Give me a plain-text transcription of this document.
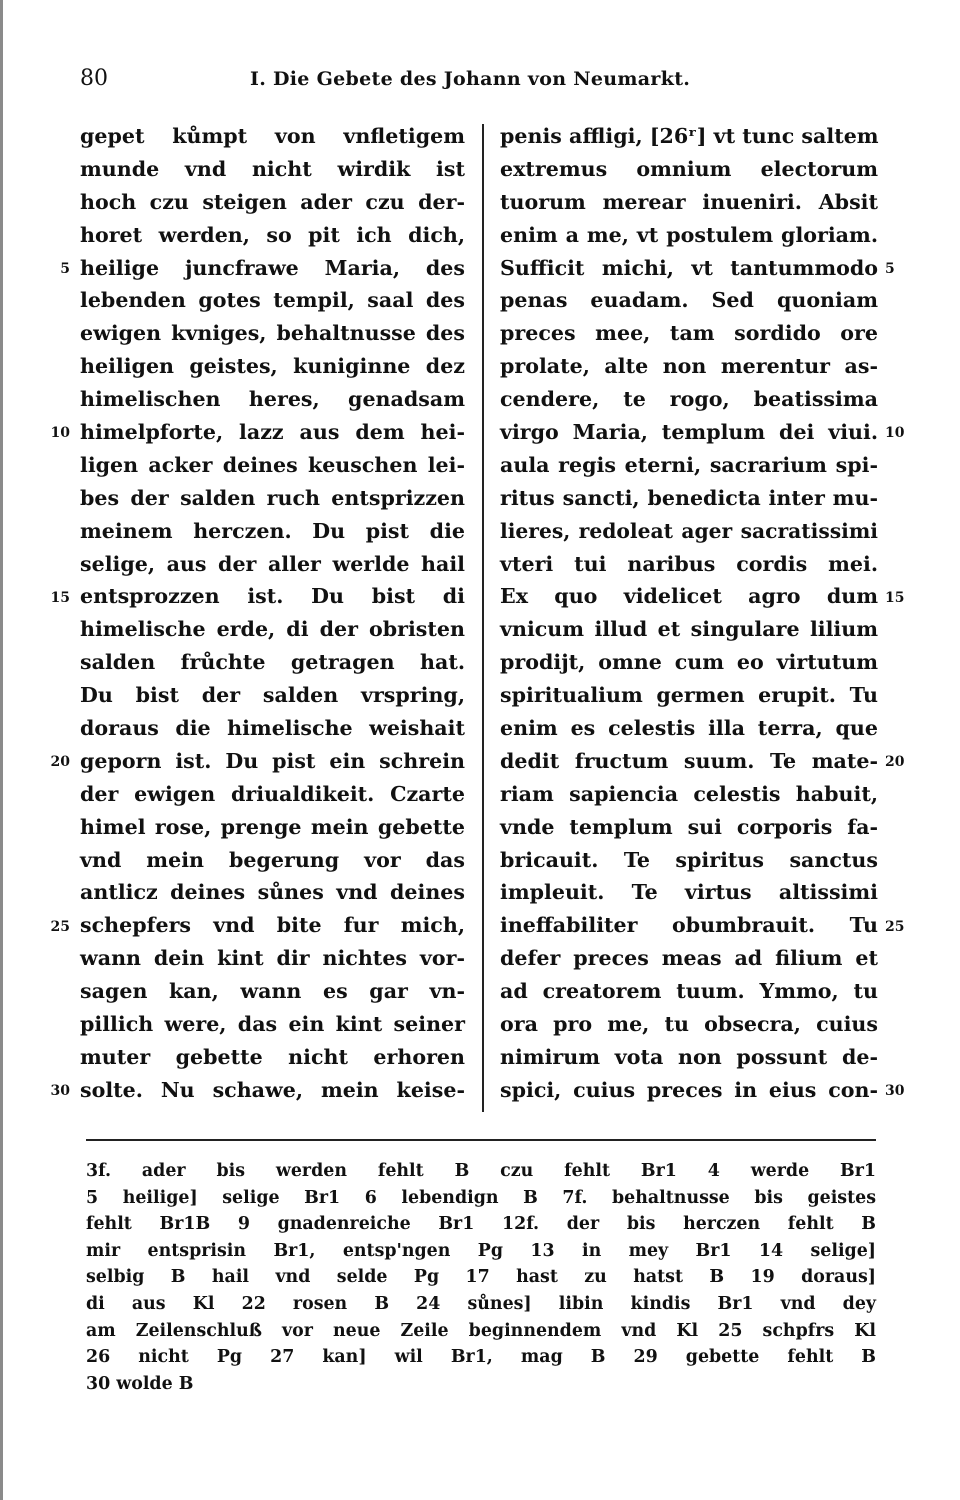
80	I. Die Gebete des Johann von Neumarkt.
gepet kůmpt von vnfletigem
munde vnd nicht wirdik ist
hoch czu steigen ader czu der-
horet werden, so pit ich dich,
heilige juncfrawe Maria, des
lebenden gotes tempil, saal des
ewigen kvniges, behaltnusse des
heiligen geistes, kuniginne dez
himelischen heres, genadsam
himelpforte, lazz aus dem hei-
ligen acker deines keuschen lei-
bes der salden ruch entsprizzen
meinem herczen. Du pist die
selige, aus der aller werlde hail
entsprozzen ist. Du bist di
himelische erde, di der obristen
salden frůchte getragen hat.
Du bist der salden vrspring,
doraus die himelische weishait
geporn ist. Du pist ein schrein
der ewigen driualdikeit. Czarte
himel rose, prenge mein gebette
vnd mein begerung vor das
antlicz deines sůnes vnd deines
schepfers vnd bite fur mich,
wann dein kint dir nichtes vor-
sagen kan, wann es gar vn-
pillich were, das ein kint seiner
muter gebette nicht erhoren
solte. Nu schawe, mein keise-
penis affligi, [26ʳ] vt tunc saltem
extremus omnium electorum
tuorum merear inueniri. Absit
enim a me, vt postulem gloriam.
Sufficit michi, vt tantummodo
penas euadam. Sed quoniam
preces mee, tam sordido ore
prolate, alte non merentur as-
cendere, te rogo, beatissima
virgo Maria, templum dei viui.
aula regis eterni, sacrarium spi-
ritus sancti, benedicta inter mu-
lieres, redoleat ager sacratissimi
vteri tui naribus cordis mei.
Ex quo videlicet agro dum
vnicum illud et singulare lilium
prodijt, omne cum eo virtutum
spiritualium germen erupit. Tu
enim es celestis illa terra, que
dedit fructum suum. Te mate-
riam sapiencia celestis habuit,
vnde templum sui corporis fa-
bricauit. Te spiritus sanctus
impleuit. Te virtus altissimi
ineffabiliter obumbrauit. Tu
defer preces meas ad filium et
ad creatorem tuum. Ymmo, tu
ora pro me, tu obsecra, cuius
nimirum vota non possunt de-
spici, cuius preces in eius con-
5
10
15
20
25
30
5
10
15
20
25
30
3f. ader bis werden fehlt B czu fehlt Br1 4 werde Br1
5 heilige] selige Br1 6 lebendign B 7f. behaltnusse bis geistes
fehlt Br1B 9 gnadenreiche Br1 12f. der bis herczen fehlt B
mir entsprisin Br1, entsp'ngen Pg 13 in mey Br1 14 selige]
selbig B hail vnd selde Pg 17 hast zu hatst B 19 doraus]
di aus Kl 22 rosen B 24 sůnes] libin kindis Br1 vnd dey
am Zeilenschluß vor neue Zeile beginnendem vnd Kl 25 schpfrs Kl
26 nicht Pg 27 kan] wil Br1, mag B 29 gebette fehlt B
30 wolde B
